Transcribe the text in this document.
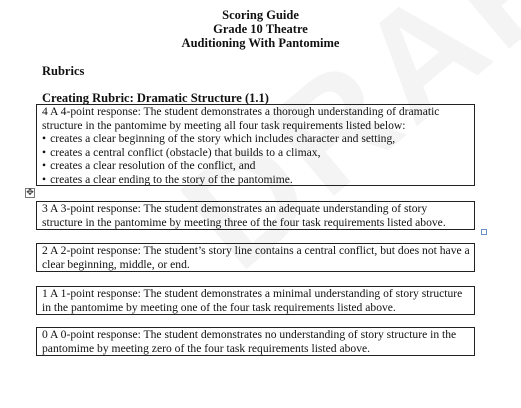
Scoring Guide
Grade 10 Theatre
Auditioning With Pantomime
Rubrics
Creating Rubric: Dramatic Structure (1.1)
4 A 4-point response: The student demonstrates a thorough understanding of dramatic structure in the pantomime by meeting all four task requirements listed below:
• creates a clear beginning of the story which includes character and setting,
• creates a central conflict (obstacle) that builds to a climax,
• creates a clear resolution of the conflict, and
• creates a clear ending to the story of the pantomime.
✥
3 A 3-point response: The student demonstrates an adequate understanding of story structure in the pantomime by meeting three of the four task requirements listed above.
2 A 2-point response: The student’s story line contains a central conflict, but does not have a clear beginning, middle, or end.
1 A 1-point response: The student demonstrates a minimal understanding of story structure in the pantomime by meeting one of the four task requirements listed above.
0 A 0-point response: The student demonstrates no understanding of story structure in the pantomime by meeting zero of the four task requirements listed above.
